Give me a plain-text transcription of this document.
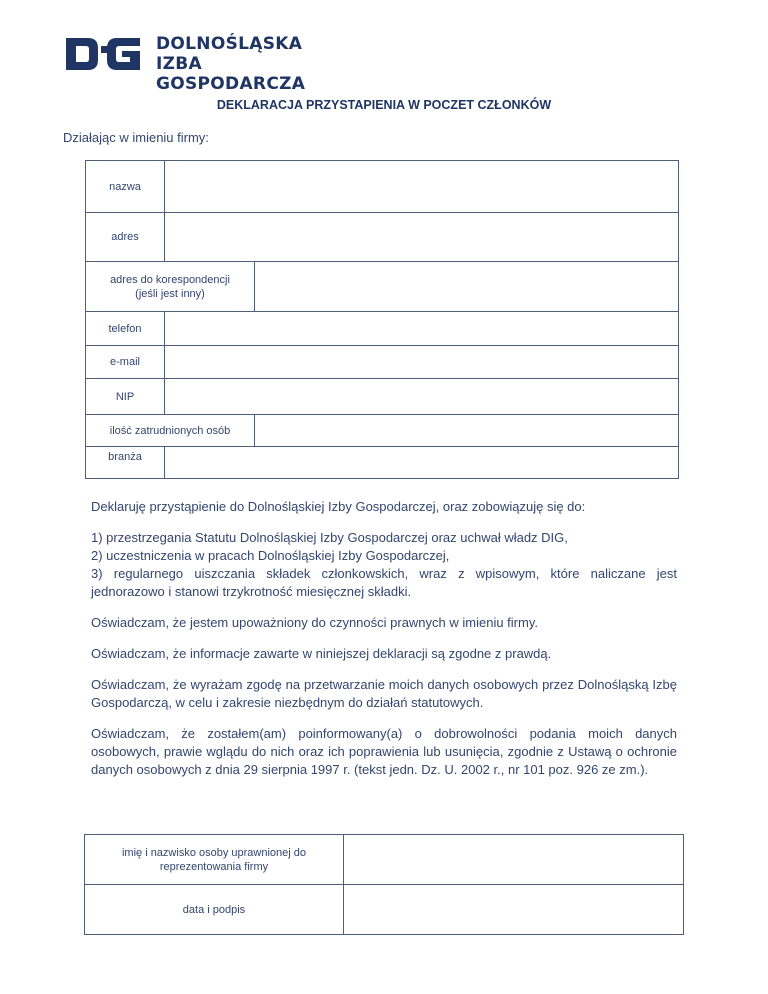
DOLNOŚLĄSKA IZBA
GOSPODARCZA
DEKLARACJA PRZYSTAPIENIA W POCZET CZŁONKÓW
Działając w imieniu firmy:
nazwa		
adres		

adres do korespondencji
(jeśli jest inny)		

telefon		
e-mail		
NIP		
ilość zatrudnionych osób		
branża		

Deklaruję przystąpienie do Dolnośląskiej Izby Gospodarczej, oraz zobowiązuję się do:

1) przestrzegania Statutu Dolnośląskiej Izby Gospodarczej oraz uchwał władz DIG,
2) uczestniczenia w pracach Dolnośląskiej Izby Gospodarczej,
3) regularnego uiszczania składek członkowskich, wraz z wpisowym, które naliczane jest jednorazowo i stanowi trzykrotność miesięcznej składki.

Oświadczam, że jestem upoważniony do czynności prawnych w imieniu firmy.

Oświadczam, że informacje zawarte w niniejszej deklaracji są zgodne z prawdą.

Oświadczam, że wyrażam zgodę na przetwarzanie moich danych osobowych przez Dolnośląską Izbę Gospodarczą, w celu i zakresie niezbędnym do działań statutowych.

Oświadczam, że zostałem(am) poinformowany(a) o dobrowolności podania moich danych osobowych, prawie wglądu do nich oraz ich poprawienia lub usunięcia, zgodnie z Ustawą o ochronie danych osobowych z dnia 29 sierpnia 1997 r. (tekst jedn. Dz. U. 2002 r., nr 101 poz. 926 ze zm.).

imię i nazwisko osoby uprawnionej do reprezentowania firmy	
data i podpis	
